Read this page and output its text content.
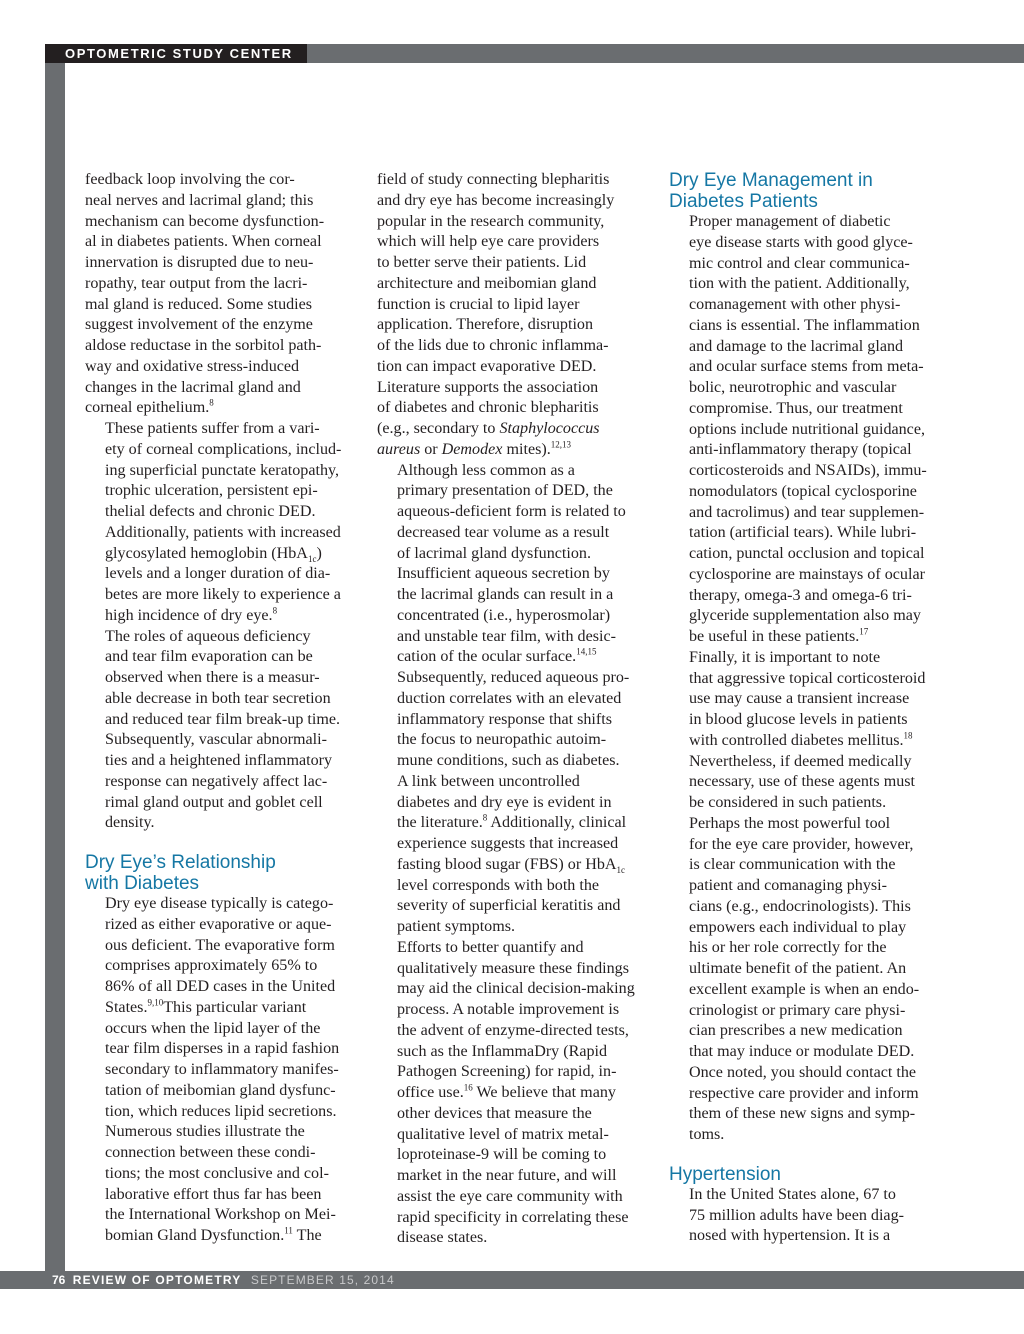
OPTOMETRIC STUDY CENTER

feedback loop involving the cor-
neal nerves and lacrimal gland; this
mechanism can become dysfunction-
al in diabetes patients. When corneal
innervation is disrupted due to neu-
ropathy, tear output from the lacri-
mal gland is reduced. Some studies
suggest involvement of the enzyme
aldose reductase in the sorbitol path-
way and oxidative stress-induced
changes in the lacrimal gland and
corneal epithelium.$^8$

These patients suffer from a vari-
ety of corneal complications, includ-
ing superficial punctate keratopathy,
trophic ulceration, persistent epi-
thelial defects and chronic DED.
Additionally, patients with increased
glycosylated hemoglobin (HbA$_{1c}$)
levels and a longer duration of dia-
betes are more likely to experience a
high incidence of dry eye.$^8$

The roles of aqueous deficiency
and tear film evaporation can be
observed when there is a measur-
able decrease in both tear secretion
and reduced tear film break-up time.
Subsequently, vascular abnormali-
ties and a heightened inflammatory
response can negatively affect lac-
rimal gland output and goblet cell
density.

Dry Eye’s Relationship
with Diabetes

Dry eye disease typically is catego-
rized as either evaporative or aque-
ous deficient. The evaporative form
comprises approximately 65% to
86% of all DED cases in the United
States.$^{9,10}$This particular variant
occurs when the lipid layer of the
tear film disperses in a rapid fashion
secondary to inflammatory manifes-
tation of meibomian gland dysfunc-
tion, which reduces lipid secretions.

Numerous studies illustrate the
connection between these condi-
tions; the most conclusive and col-
laborative effort thus far has been
the International Workshop on Mei-
bomian Gland Dysfunction.$^{11}$ The

field of study connecting blepharitis
and dry eye has become increasingly
popular in the research community,
which will help eye care providers
to better serve their patients. Lid
architecture and meibomian gland
function is crucial to lipid layer
application. Therefore, disruption
of the lids due to chronic inflamma-
tion can impact evaporative DED.
Literature supports the association
of diabetes and chronic blepharitis
(e.g., secondary to Staphylococcus
aureus or Demodex mites).$^{12,13}$

Although less common as a
primary presentation of DED, the
aqueous-deficient form is related to
decreased tear volume as a result
of lacrimal gland dysfunction.
Insufficient aqueous secretion by
the lacrimal glands can result in a
concentrated (i.e., hyperosmolar)
and unstable tear film, with desic-
cation of the ocular surface.$^{14,15}$
Subsequently, reduced aqueous pro-
duction correlates with an elevated
inflammatory response that shifts
the focus to neuropathic autoim-
mune conditions, such as diabetes.

A link between uncontrolled
diabetes and dry eye is evident in
the literature.$^8$ Additionally, clinical
experience suggests that increased
fasting blood sugar (FBS) or HbA$_{1c}$
level corresponds with both the
severity of superficial keratitis and
patient symptoms.

Efforts to better quantify and
qualitatively measure these findings
may aid the clinical decision-making
process. A notable improvement is
the advent of enzyme-directed tests,
such as the InflammaDry (Rapid
Pathogen Screening) for rapid, in-
office use.$^{16}$ We believe that many
other devices that measure the
qualitative level of matrix metal-
loproteinase-9 will be coming to
market in the near future, and will
assist the eye care community with
rapid specificity in correlating these
disease states.

Dry Eye Management in
Diabetes Patients

Proper management of diabetic
eye disease starts with good glyce-
mic control and clear communica-
tion with the patient. Additionally,
comanagement with other physi-
cians is essential. The inflammation
and damage to the lacrimal gland
and ocular surface stems from meta-
bolic, neurotrophic and vascular
compromise. Thus, our treatment
options include nutritional guidance,
anti-inflammatory therapy (topical
corticosteroids and NSAIDs), immu-
nomodulators (topical cyclosporine
and tacrolimus) and tear supplemen-
tation (artificial tears). While lubri-
cation, punctal occlusion and topical
cyclosporine are mainstays of ocular
therapy, omega-3 and omega-6 tri-
glyceride supplementation also may
be useful in these patients.$^{17}$

Finally, it is important to note
that aggressive topical corticosteroid
use may cause a transient increase
in blood glucose levels in patients
with controlled diabetes mellitus.$^{18}$
Nevertheless, if deemed medically
necessary, use of these agents must
be considered in such patients.

Perhaps the most powerful tool
for the eye care provider, however,
is clear communication with the
patient and comanaging physi-
cians (e.g., endocrinologists). This
empowers each individual to play
his or her role correctly for the
ultimate benefit of the patient. An
excellent example is when an endo-
crinologist or primary care physi-
cian prescribes a new medication
that may induce or modulate DED.
Once noted, you should contact the
respective care provider and inform
them of these new signs and symp-
toms.

Hypertension

In the United States alone, 67 to
75 million adults have been diag-
nosed with hypertension. It is a

76 REVIEW OF OPTOMETRY SEPTEMBER 15, 2014
